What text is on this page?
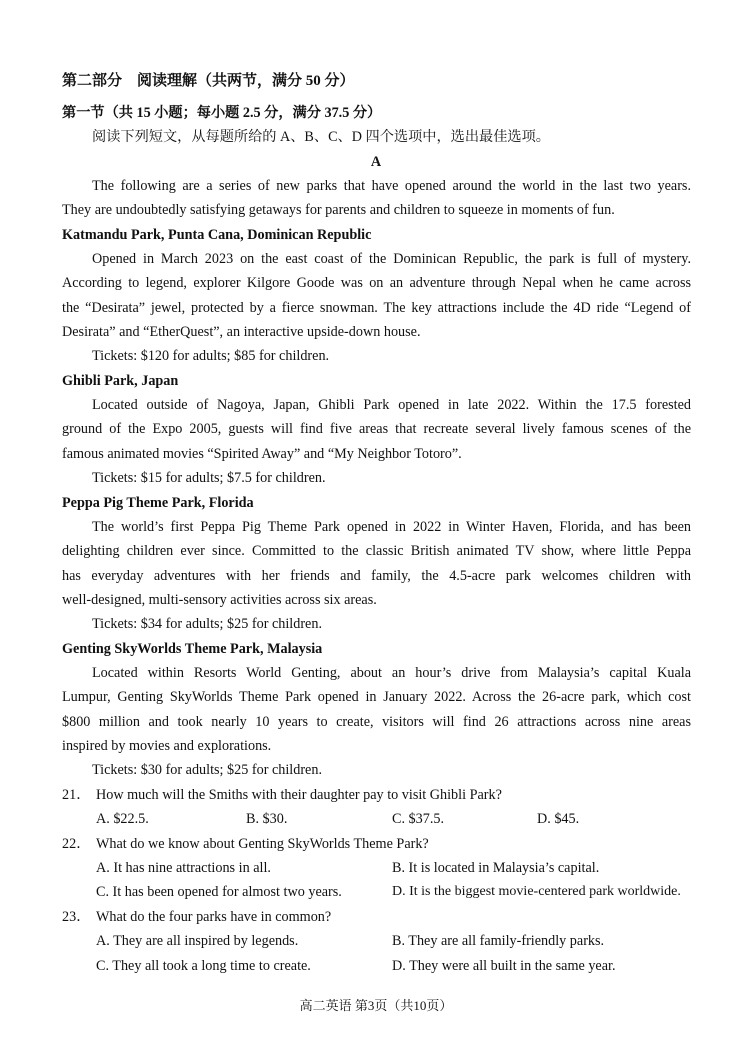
第二部分　阅读理解（共两节，满分 50 分）
第一节（共 15 小题；每小题 2.5 分，满分 37.5 分）
阅读下列短文，从每题所给的 A、B、C、D 四个选项中，选出最佳选项。
A
The following are a series of new parks that have opened around the world in the last two years.
They are undoubtedly satisfying getaways for parents and children to squeeze in moments of fun.
Katmandu Park, Punta Cana, Dominican Republic
Opened in March 2023 on the east coast of the Dominican Republic, the park is full of mystery.
According to legend, explorer Kilgore Goode was on an adventure through Nepal when he came across
the “Desirata” jewel, protected by a fierce snowman. The key attractions include the 4D ride “Legend of
Desirata” and “EtherQuest”, an interactive upside-down house.
Tickets: $120 for adults; $85 for children.
Ghibli Park, Japan
Located outside of Nagoya, Japan, Ghibli Park opened in late 2022. Within the 17.5 forested
ground of the Expo 2005, guests will find five areas that recreate several lively famous scenes of the
famous animated movies “Spirited Away” and “My Neighbor Totoro”.
Tickets: $15 for adults; $7.5 for children.
Peppa Pig Theme Park, Florida
The world’s first Peppa Pig Theme Park opened in 2022 in Winter Haven, Florida, and has been
delighting children ever since. Committed to the classic British animated TV show, where little Peppa
has everyday adventures with her friends and family, the 4.5-acre park welcomes children with
well-designed, multi-sensory activities across six areas.
Tickets: $34 for adults; $25 for children.
Genting SkyWorlds Theme Park, Malaysia
Located within Resorts World Genting, about an hour’s drive from Malaysia’s capital Kuala
Lumpur, Genting SkyWorlds Theme Park opened in January 2022. Across the 26-acre park, which cost
$800 million and took nearly 10 years to create, visitors will find 26 attractions across nine areas
inspired by movies and explorations.
Tickets: $30 for adults; $25 for children.
21． How much will the Smiths with their daughter pay to visit Ghibli Park?
A. $22.5.	B. $30.	C. $37.5.	D. $45.
22． What do we know about Genting SkyWorlds Theme Park?
A. It has nine attractions in all.	B. It is located in Malaysia’s capital.
C. It has been opened for almost two years.	D. It is the biggest movie-centered park worldwide.
23． What do the four parks have in common?
A. They are all inspired by legends.	B. They are all family-friendly parks.
C. They all took a long time to create.	D. They were all built in the same year.
高二英语 第3页（共10页）
